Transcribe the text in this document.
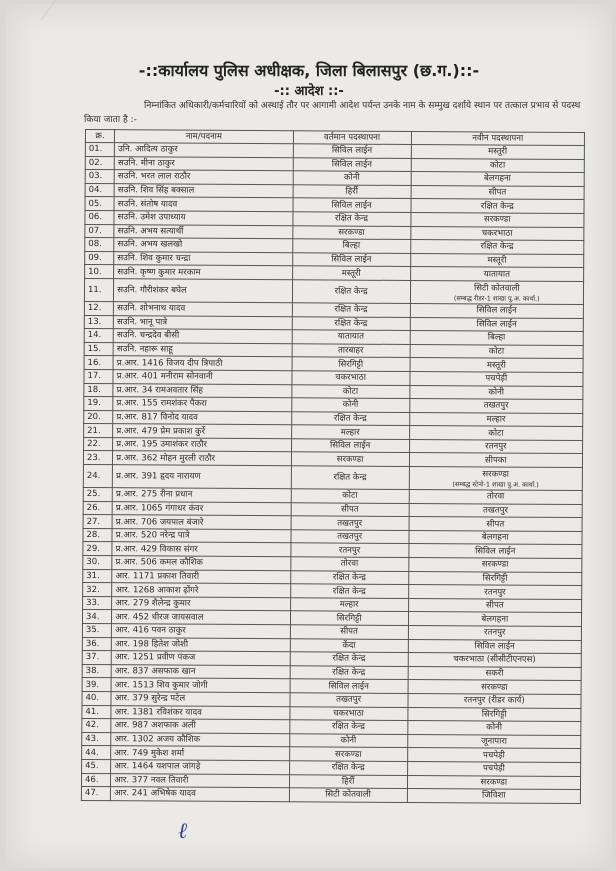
-::कार्यालय पुलिस अधीक्षक, जिला बिलासपुर (छ.ग.)::-
-:: आदेश ::-
निम्नांकित अधिकारी/कर्मचारियों को अस्थाई तौर पर आगामी आदेश पर्यन्त उनके नाम के सम्मुख दर्शाये स्थान पर तत्काल प्रभाव से पदस्थ किया जाता है :-
क्र.	नाम/पदनाम	वर्तमान पदस्थापना	नवीन पदस्थापना
01.	उनि. आदित्य ठाकुर	सिविल लाईन	मस्तूरी
02.	सउनि. मीना ठाकुर	सिविल लाईन	कोटा
03.	सउनि. भरत लाल राठौर	कोनी	बेलगहना
04.	सउनि. शिव सिंह बक्साल	हिर्री	सीपत
05.	सउनि. संतोष यादव	सिविल लाईन	रक्षित केन्द्र
06.	सउनि. उमेश उपाध्याय	रक्षित केन्द्र	सरकण्डा
07.	सउनि. अभय सत्यार्थी	सरकण्डा	चकरभाठा
08.	सउनि. अभय खलखो	बिल्हा	रक्षित केन्द्र
09.	सउनि. शिव कुमार चन्द्रा	सिविल लाईन	मस्तूरी
10.	सउनि. कृष्ण कुमार मरकाम	मस्तूरी	यातायात
11.	सउनि. गौरीशंकर बघेल	रक्षित केन्द्र	सिटी कोतवाली
(सम्बद्ध रीडर-1 शाखा पु.अ. कार्या.)

12.	सउनि. शोभनाथ यादव	रक्षित केन्द्र	सिविल लाईन
13.	सउनि. भानू पात्रे	रक्षित केन्द्र	सिविल लाईन
14.	सउनि. चन्द्रदेव बीसी	यातायात	बिल्हा
15.	सउनि. नहारू साहू	तारबाहर	कोटा
16.	प्र.आर. 1416 विजय दीप त्रिपाठी	सिरगिट्टी	मस्तूरी
17.	प्र.आर. 401 मनीराम सोनवानी	चकरभाठा	पचपेड़ी
18.	प्र.आर. 34 रामअवतार सिंह	कोटा	कोनी
19.	प्र.आर. 155 रामशंकर पैकरा	कोनी	तखतपुर
20.	प्र.आर. 817 विनोद यादव	रक्षित केन्द्र	मल्हार
21.	प्र.आर. 479 प्रेम प्रकाश कुर्रे	मल्हार	कोटा
22.	प्र.आर. 195 उमाशंकर राठौर	सिविल लाईन	रतनपुर
23.	प्र.आर. 362 मोहन मुरली राठौर	सरकण्डा	सीपका
24.	प्र.आर. 391 हृदय नारायण	रक्षित केन्द्र	सरकण्डा
(सम्बद्ध स्टेनो-1 शाखा पु.अ. कार्या.)

25.	प्र.आर. 275 रीना प्रधान	कोटा	तोरवा
26.	प्र.आर. 1065 गंगाधर कंवर	सीपत	तखतपुर
27.	प्र.आर. 706 जयपाल बंजारे	तखतपुर	सीपत
28.	प्र.आर. 520 नरेन्द्र पात्रे	तखतपुर	बेलगहना
29.	प्र.आर. 429 विकास संगर	रतनपुर	सिविल लाईन
30.	प्र.आर. 506 कमल कौशिक	तोरवा	सरकण्डा
31.	आर. 1171 प्रकाश तिवारी	रक्षित केन्द्र	सिरगिट्टी
32.	आर. 1268 आकाश ढ़ोंगरे	रक्षित केन्द्र	रतनपुर
33.	आर. 279 शैलेन्द्र कुमार	मल्हार	सीपत
34.	आर. 452 धीरज जायसवाल	सिरगिट्टी	बेलगहना
35.	आर. 416 पवन ठाकुर	सीपत	रतनपुर
36.	आर. 198 हितेश जोशी	केंदा	सिविल लाईन
37.	आर. 1251 प्रवीण पंकज	रक्षित केन्द्र	चकरभाठा (सीसीटीएनएस)
38.	आर. 837 असफाक खान	रक्षित केन्द्र	सकरी
39.	आर. 1513 शिव कुमार जोगी	सिविल लाईन	सरकण्डा
40.	आर. 379 सुरेन्द्र पटेल	तखतपुर	रतनपुर (रीडर कार्य)
41.	आर. 1381 रविशंकर यादव	चकरभाठा	सिरगिट्टी
42.	आर. 987 अशफाक अली	रक्षित केन्द्र	कोनी
43.	आर. 1302 अजय कौशिक	कोनी	जूनापारा
44.	आर. 749 मुकेश शर्मा	सरकण्डा	पचपेड़ी
45.	आर. 1464 यशपाल जांगड़े	रक्षित केन्द्र	पचपेड़ी
46.	आर. 377 नवल तिवारी	हिर्री	सरकण्डा
47.	आर. 241 अभिषेक यादव	सिटी कोतवाली	जिविशा
ℓ
